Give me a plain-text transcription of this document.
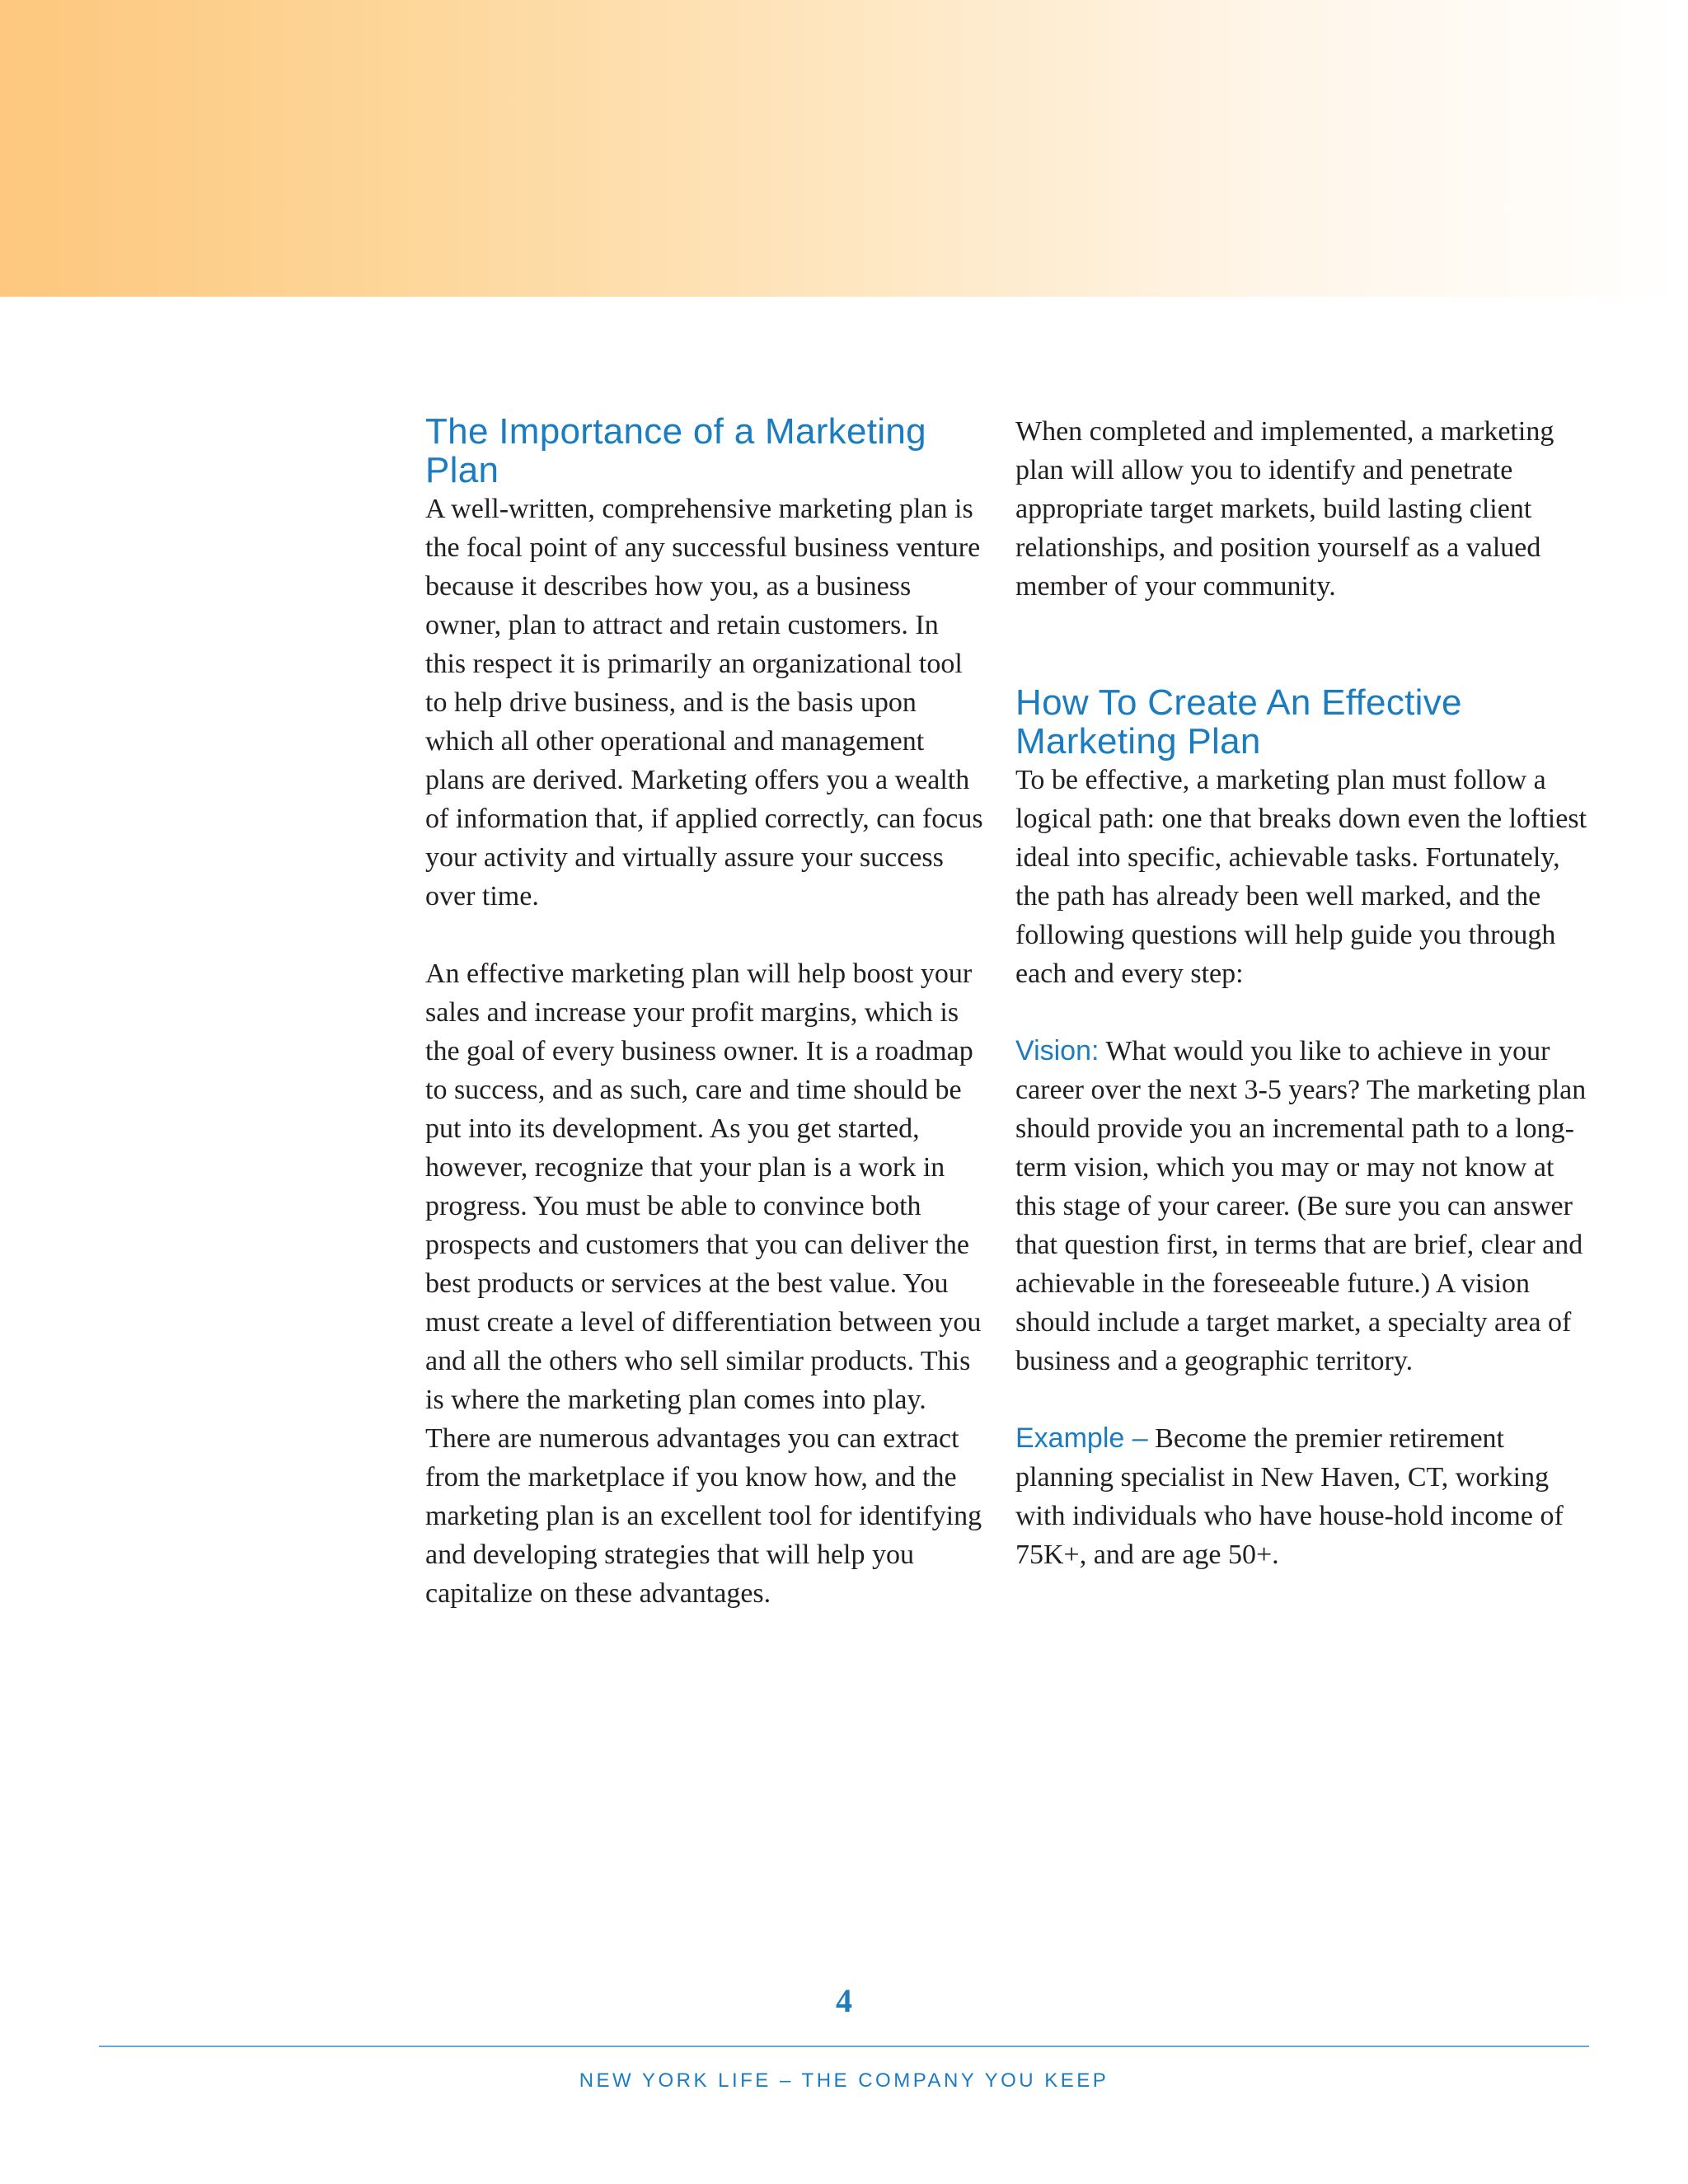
The Importance of a Marketing Plan

A well-written, comprehensive marketing plan is the focal point of any successful business venture because it describes how you, as a business owner, plan to attract and retain customers. In this respect it is primarily an organizational tool to help drive business, and is the basis upon which all other operational and management plans are derived. Marketing offers you a wealth of information that, if applied correctly, can focus your activity and virtually assure your success over time.

An effective marketing plan will help boost your sales and increase your profit margins, which is the goal of every business owner. It is a roadmap to success, and as such, care and time should be put into its development. As you get started, however, recognize that your plan is a work in progress. You must be able to convince both prospects and customers that you can deliver the best products or services at the best value. You must create a level of differentiation between you and all the others who sell similar products. This is where the marketing plan comes into play. There are numerous advantages you can extract from the marketplace if you know how, and the marketing plan is an excellent tool for identifying and developing strategies that will help you capitalize on these advantages.

When completed and implemented, a marketing plan will allow you to identify and penetrate appropriate target markets, build lasting client relationships, and position yourself as a valued member of your community.

How To Create An Effective Marketing Plan

To be effective, a marketing plan must follow a logical path: one that breaks down even the loftiest ideal into specific, achievable tasks. Fortunately, the path has already been well marked, and the following questions will help guide you through each and every step:

Vision: What would you like to achieve in your career over the next 3-5 years? The marketing plan should provide you an incremental path to a long-term vision, which you may or may not know at this stage of your career. (Be sure you can answer that question first, in terms that are brief, clear and achievable in the foreseeable future.) A vision should include a target market, a specialty area of business and a geographic territory.

Example – Become the premier retirement planning specialist in New Haven, CT, working with individuals who have house-hold income of 75K+, and are age 50+.

4
NEW YORK LIFE – THE COMPANY YOU KEEP
